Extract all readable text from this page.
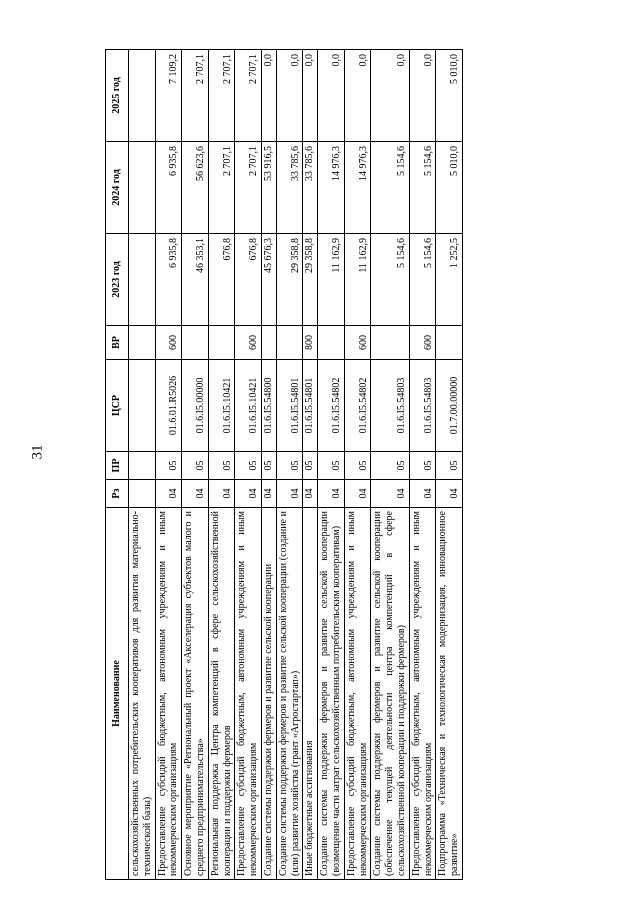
31
Наименование	Рз	ПР	ЦСР	ВР	2023 год	2024 год	2025 год
сельскохозяйственных потребительских кооперативов для развития материально-технической базы)							
Предоставление субсидий бюджетным, автономным учреждениям и иным некоммерческим организациям	04	05	01.6.01.R5026	600	6 935,8	6 935,8	7 109,2
Основное мероприятие «Региональный проект «Акселерация субъектов малого и среднего предпринимательства»	04	05	01.6.I5.00000		46 353,1	56 623,6	2 707,1
Региональная поддержка Центра компетенций в сфере сельскохозяйственной кооперации и поддержки фермеров	04	05	01.6.I5.10421		676,8	2 707,1	2 707,1
Предоставление субсидий бюджетным, автономным учреждениям и иным некоммерческим организациям	04	05	01.6.I5.10421	600	676,8	2 707,1	2 707,1
Создание системы поддержки фермеров и развитие сельской кооперации	04	05	01.6.I5.54800		45 676,3	53 916,5	0,0
Создание системы поддержки фермеров и развитие сельской кооперации (создание и (или) развитие хозяйства (грант «Агростартап»)	04	05	01.6.I5.54801		29 358,8	33 785,6	0,0
Иные бюджетные ассигнования	04	05	01.6.I5.54801	800	29 358,8	33 785,6	0,0
Создание системы поддержки фермеров и развитие сельской кооперации (возмещение части затрат сельскохозяйственным потребительским кооперативам)	04	05	01.6.I5.54802		11 162,9	14 976,3	0,0
Предоставление субсидий бюджетным, автономным учреждениям и иным некоммерческим организациям	04	05	01.6.I5.54802	600	11 162,9	14 976,3	0,0
Создание системы поддержки фермеров и развитие сельской кооперации (обеспечение текущей деятельности центра компетенций в сфере сельскохозяйственной кооперации и поддержки фермеров)	04	05	01.6.I5.54803		5 154,6	5 154,6	0,0
Предоставление субсидий бюджетным, автономным учреждениям и иным некоммерческим организациям	04	05	01.6.I5.54803	600	5 154,6	5 154,6	0,0
Подпрограмма «Техническая и технологическая модернизация, инновационное развитие»	04	05	01.7.00.00000		1 252,5	5 010,0	5 010,0
